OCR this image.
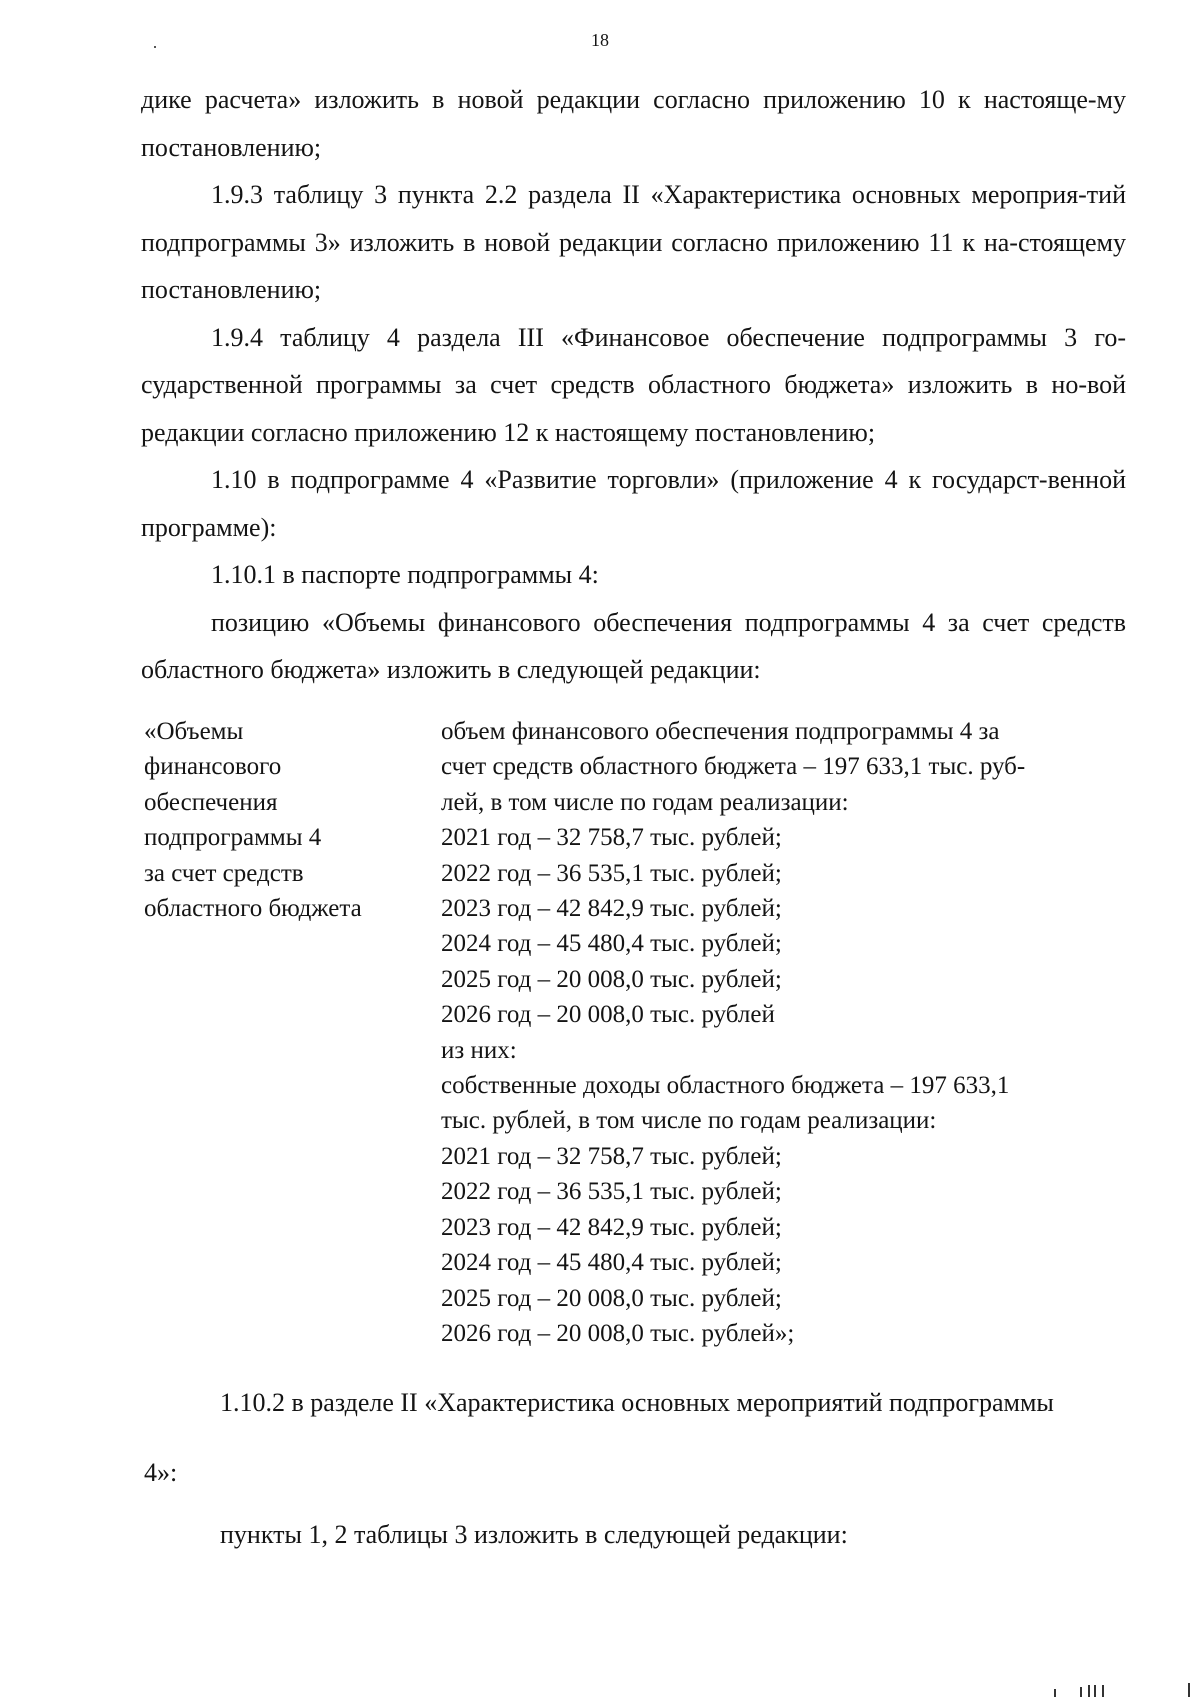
18

дике расчета» изложить в новой редакции согласно приложению 10 к настояще-му постановлению;

1.9.3 таблицу 3 пункта 2.2 раздела II «Характеристика основных мероприя-тий подпрограммы 3» изложить в новой редакции согласно приложению 11 к на-стоящему постановлению;

1.9.4 таблицу 4 раздела III «Финансовое обеспечение подпрограммы 3 го-сударственной программы за счет средств областного бюджета» изложить в но-вой редакции согласно приложению 12 к настоящему постановлению;

1.10 в подпрограмме 4 «Развитие торговли» (приложение 4 к государст-венной программе):

1.10.1 в паспорте подпрограммы 4:

позицию «Объемы финансового обеспечения подпрограммы 4 за счет средств областного бюджета» изложить в следующей редакции:

«Объемы
финансового
обеспечения
подпрограммы 4
за счет средств
областного бюджета
объем финансового обеспечения подпрограммы 4 за
счет средств областного бюджета – 197 633,1 тыс. руб-
лей, в том числе по годам реализации:
2021 год – 32 758,7 тыс. рублей;
2022 год – 36 535,1 тыс. рублей;
2023 год – 42 842,9 тыс. рублей;
2024 год – 45 480,4 тыс. рублей;
2025 год – 20 008,0 тыс. рублей;
2026 год – 20 008,0 тыс. рублей
из них:
собственные доходы областного бюджета – 197 633,1
тыс. рублей, в том числе по годам реализации:
2021 год – 32 758,7 тыс. рублей;
2022 год – 36 535,1 тыс. рублей;
2023 год – 42 842,9 тыс. рублей;
2024 год – 45 480,4 тыс. рублей;
2025 год – 20 008,0 тыс. рублей;
2026 год – 20 008,0 тыс. рублей»;
1.10.2 в разделе II «Характеристика основных мероприятий подпрограммы
4»:
пункты 1, 2 таблицы 3 изложить в следующей редакции:
